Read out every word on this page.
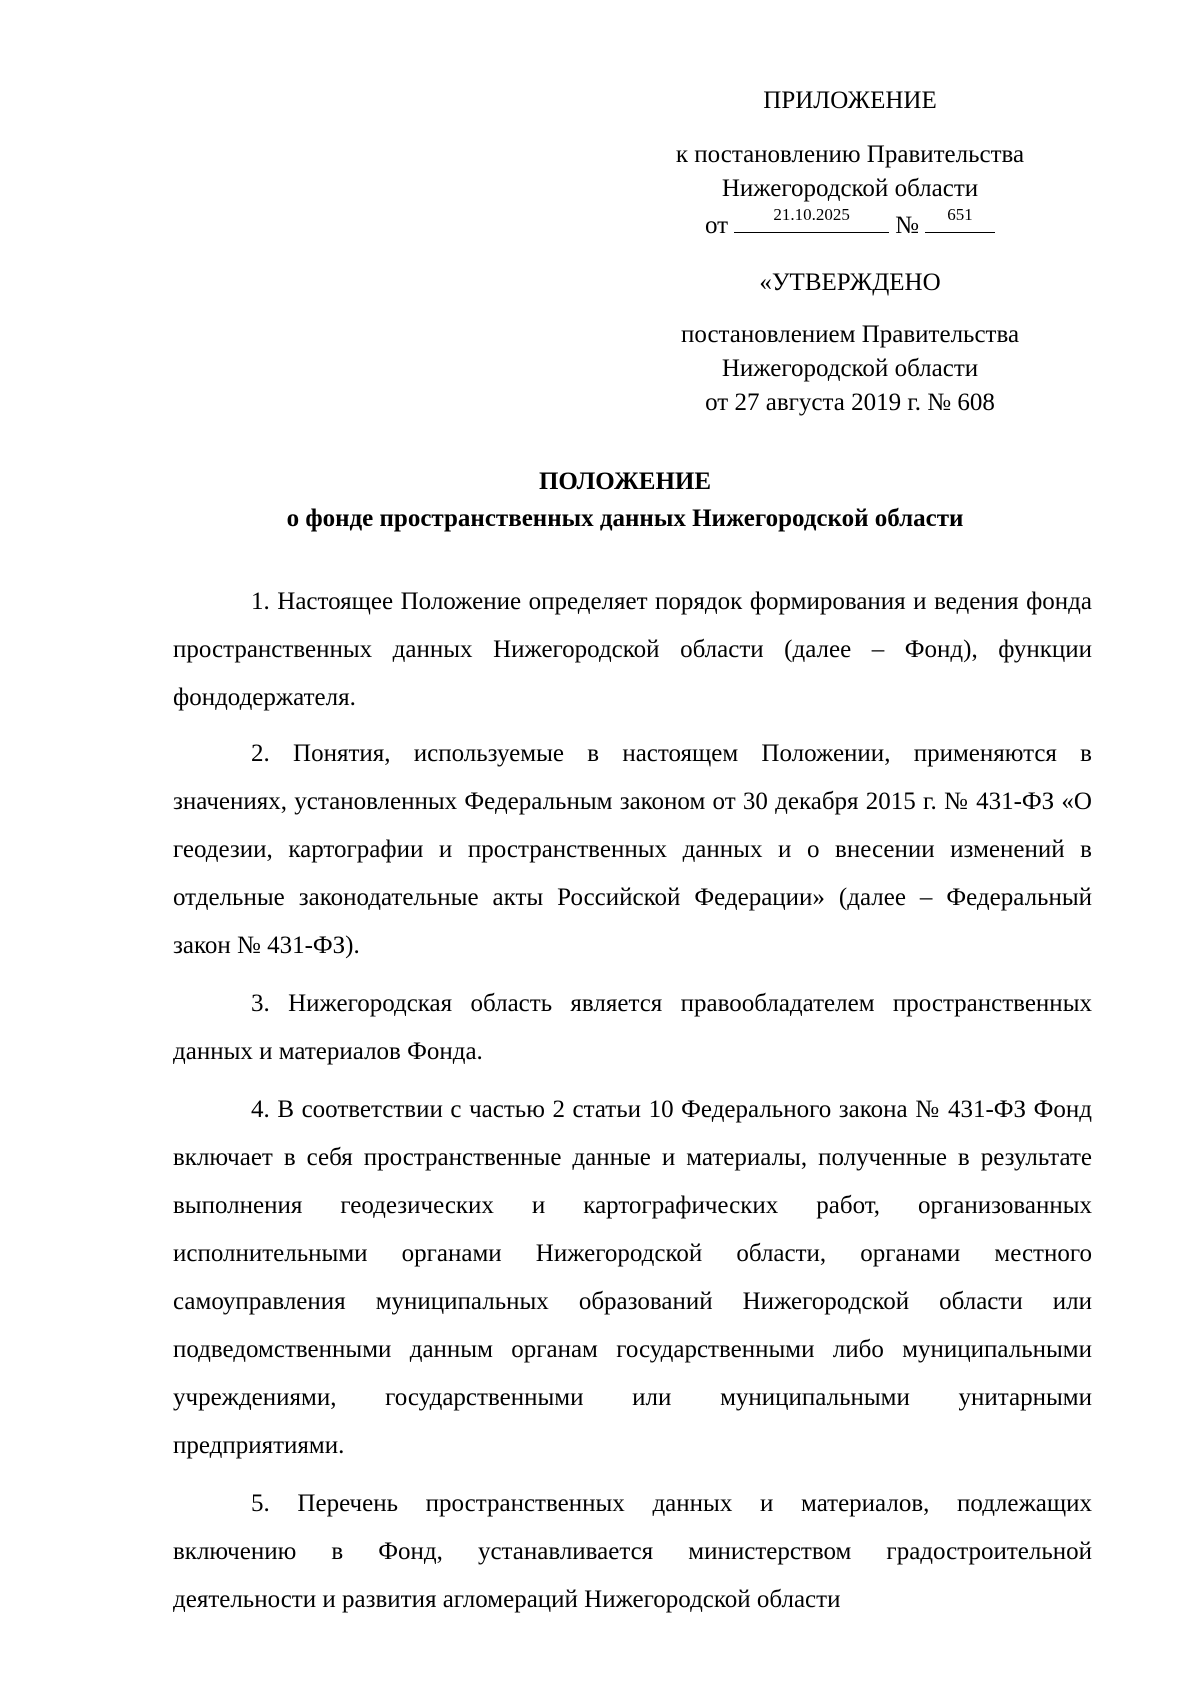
ПРИЛОЖЕНИЕ
к постановлению Правительства
Нижегородской области
от	21.10.2025	№	651
«УТВЕРЖДЕНО
постановлением Правительства
Нижегородской области
от 27 августа 2019 г. № 608
ПОЛОЖЕНИЕ
о фонде пространственных данных Нижегородской области

1. Настоящее Положение определяет порядок формирования и ведения фонда пространственных данных Нижегородской области (далее – Фонд), функции фондодержателя.

2. Понятия, используемые в настоящем Положении, применяются в значениях, установленных Федеральным законом от 30 декабря 2015 г. № 431-ФЗ «О геодезии, картографии и пространственных данных и о внесении изменений в отдельные законодательные акты Российской Федерации» (далее – Федеральный закон № 431-ФЗ).

3. Нижегородская область является правообладателем пространственных данных и материалов Фонда.

4. В соответствии с частью 2 статьи 10 Федерального закона № 431-ФЗ Фонд включает в себя пространственные данные и материалы, полученные в результате выполнения геодезических и картографических работ, организованных исполнительными органами Нижегородской области, органами местного самоуправления муниципальных образований Нижегородской области или подведомственными данным органам государственными либо муниципальными учреждениями, государственными или муниципальными унитарными предприятиями.

5. Перечень пространственных данных и материалов, подлежащих включению в Фонд, устанавливается министерством градостроительной деятельности и развития агломераций Нижегородской области
